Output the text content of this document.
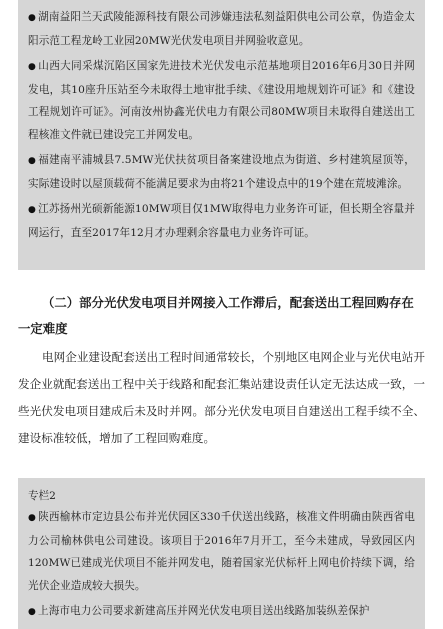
● 湖南益阳兰天武陵能源科技有限公司涉嫌违法私刻益阳供电公司公章，伪造金太阳示范工程龙岭工业园20MW光伏发电项目并网验收意见。

● 山西大同采煤沉陷区国家先进技术光伏发电示范基地项目2016年6月30日并网发电，其10座升压站至今未取得土地审批手续、《建设用地规划许可证》和《建设工程规划许可证》。河南汝州协鑫光伏电力有限公司80MW项目未取得自建送出工程核准文件就已建设完工并网发电。

● 福建南平浦城县7.5MW光伏扶贫项目备案建设地点为街道、乡村建筑屋顶等，实际建设时以屋顶载荷不能满足要求为由将21个建设点中的19个建在荒坡滩涂。

● 江苏扬州光硕新能源10MW项目仅1MW取得电力业务许可证，但长期全容量并网运行，直至2017年12月才办理剩余容量电力业务许可证。

（二）部分光伏发电项目并网接入工作滞后，配套送出工程回购存在一定难度

电网企业建设配套送出工程时间通常较长，个别地区电网企业与光伏电站开发企业就配套送出工程中关于线路和配套汇集站建设责任认定无法达成一致，一些光伏发电项目建成后未及时并网。部分光伏发电项目自建送出工程手续不全、建设标准较低，增加了工程回购难度。

专栏2

● 陕西榆林市定边县公布并光伏园区330千伏送出线路，核准文件明确由陕西省电力公司榆林供电公司建设。该项目于2016年7月开工，至今未建成，导致园区内120MW已建成光伏项目不能并网发电，随着国家光伏标杆上网电价持续下调，给光伏企业造成较大损失。

● 上海市电力公司要求新建高压并网光伏发电项目送出线路加装纵差保护
